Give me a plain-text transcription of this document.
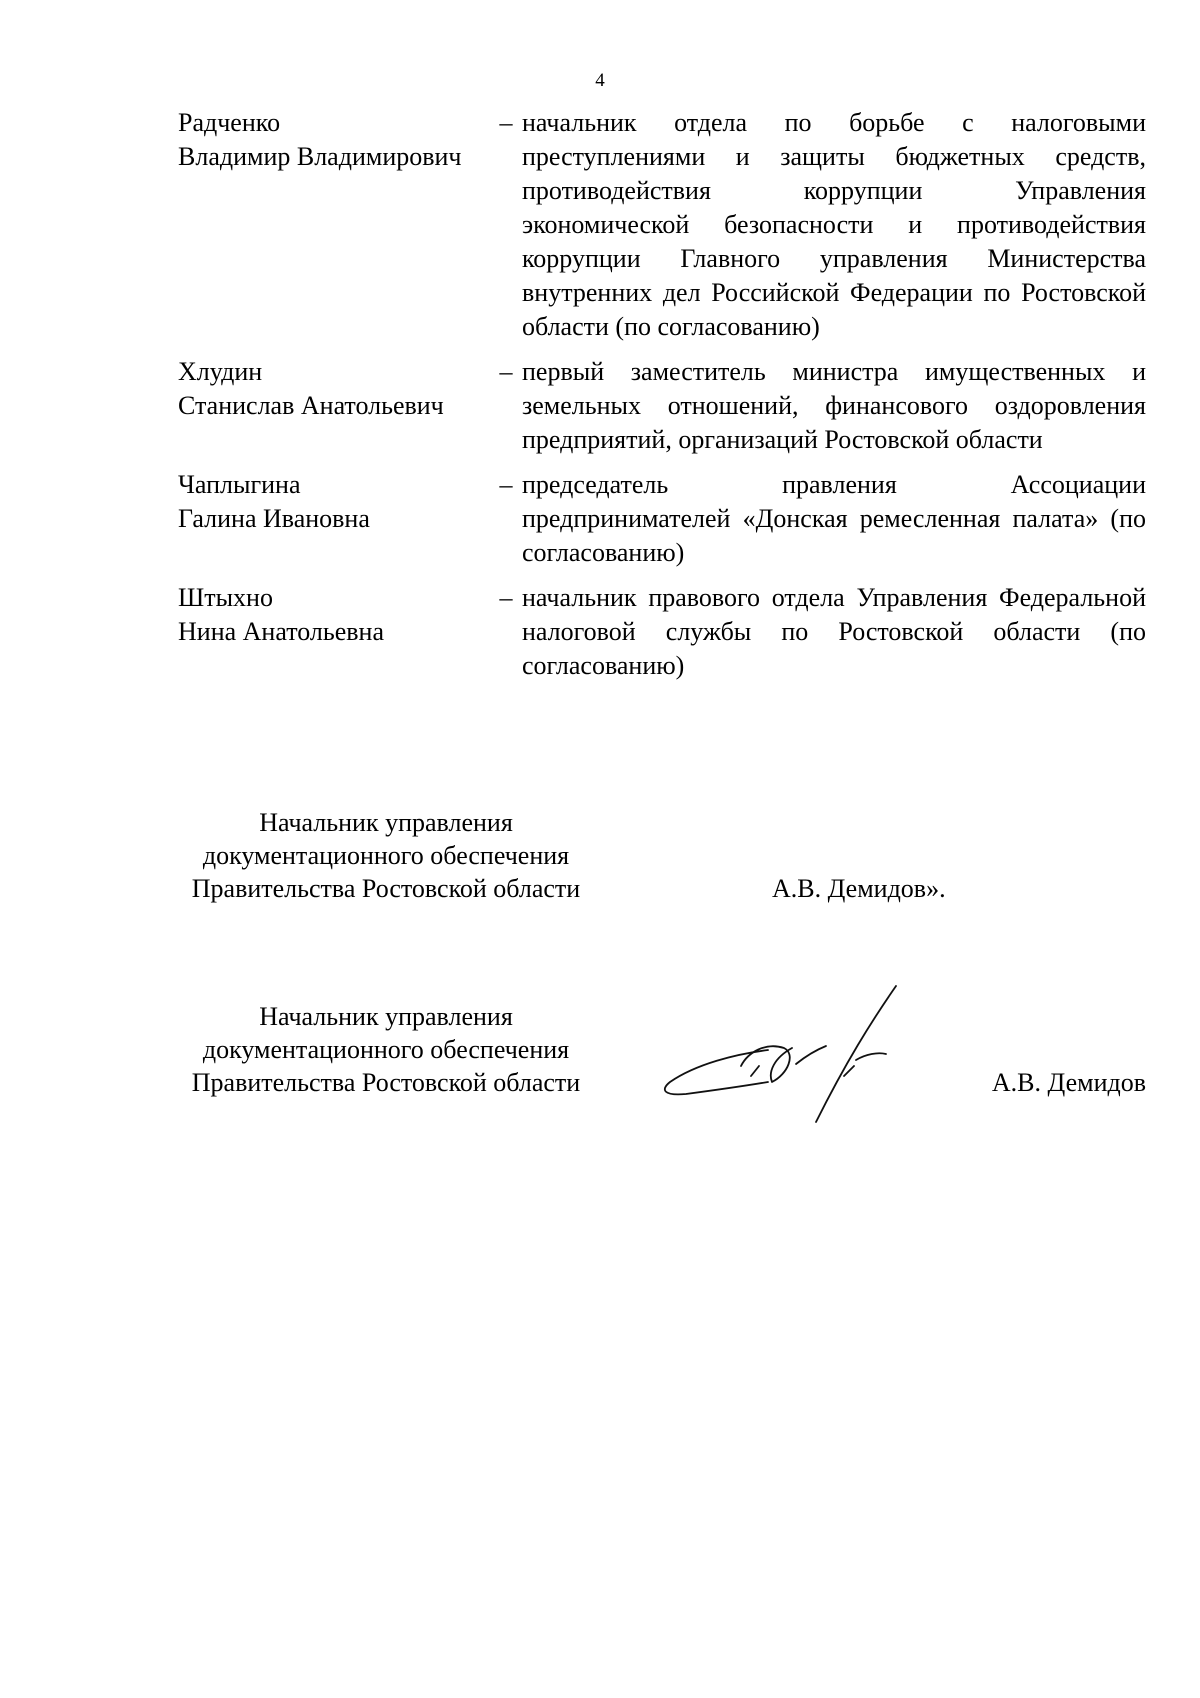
4
Радченко
Владимир Владимирович
– начальник отдела по борьбе с налоговыми преступлениями и защиты бюджетных средств, противодействия коррупции Управления экономической безопасности и противодействия коррупции Главного управления Министерства внутренних дел Российской Федерации по Ростовской области (по согласованию)
Хлудин
Станислав Анатольевич
– первый заместитель министра имущественных и земельных отношений, финансового оздоровления предприятий, организаций Ростовской области
Чаплыгина
Галина Ивановна
– председатель правления Ассоциации предпринимателей «Донская ремесленная палата» (по согласованию)
Штыхно
Нина Анатольевна
– начальник правового отдела Управления Федеральной налоговой службы по Ростовской области (по согласованию)
Начальник управления
документационного обеспечения
Правительства Ростовской области	А.В. Демидов».
Начальник управления
документационного обеспечения
Правительства Ростовской области	А.В. Демидов
